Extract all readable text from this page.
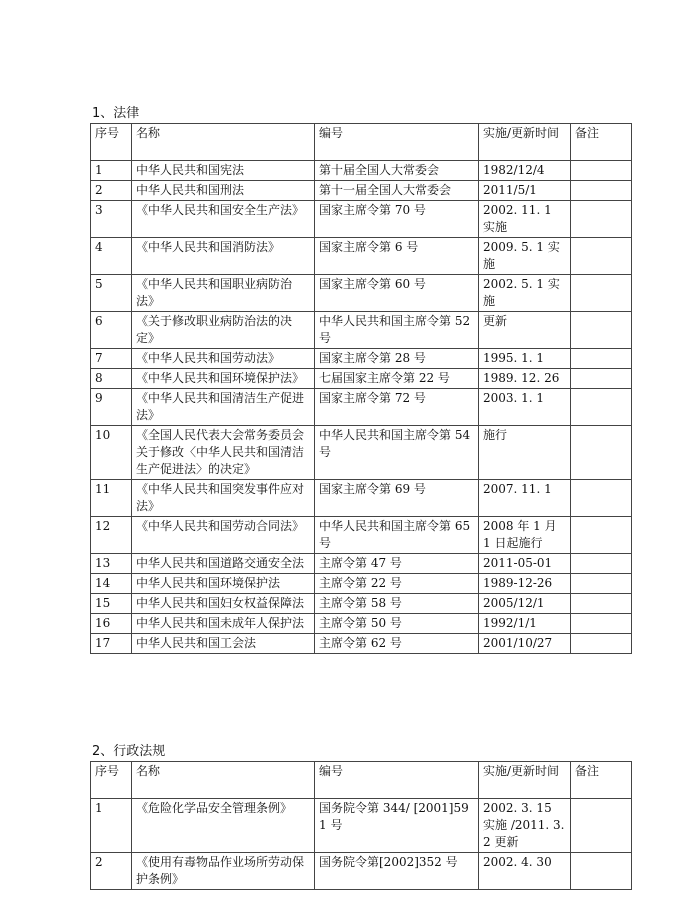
1、法律
序号	名称	编号	实施/更新时间	备注
1	中华人民共和国宪法	第十届全国人大常委会	1982/12/4	
2	中华人民共和国刑法	第十一届全国人大常委会	2011/5/1	
3	《中华人民共和国安全生产法》	国家主席令第 70 号	2002. 11. 1 实施	
4	《中华人民共和国消防法》	国家主席令第 6 号	2009. 5. 1 实施	
5	《中华人民共和国职业病防治法》	国家主席令第 60 号	2002. 5. 1 实施	
6	《关于修改职业病防治法的决定》	中华人民共和国主席令第 52 号	更新	
7	《中华人民共和国劳动法》	国家主席令第 28 号	1995. 1. 1	
8	《中华人民共和国环境保护法》	七届国家主席令第 22 号	1989. 12. 26	
9	《中华人民共和国清洁生产促进法》	国家主席令第 72 号	2003. 1. 1	
10	《全国人民代表大会常务委员会关于修改〈中华人民共和国清洁生产促进法〉的决定》	中华人民共和国主席令第 54 号	施行	
11	《中华人民共和国突发事件应对法》	国家主席令第 69 号	2007. 11. 1	
12	《中华人民共和国劳动合同法》	中华人民共和国主席令第 65 号	2008 年 1 月 1 日起施行	
13	中华人民共和国道路交通安全法	主席令第 47 号	2011-05-01	
14	中华人民共和国环境保护法	主席令第 22 号	1989-12-26	
15	中华人民共和国妇女权益保障法	主席令第 58 号	2005/12/1	
16	中华人民共和国未成年人保护法	主席令第 50 号	1992/1/1	
17	中华人民共和国工会法	主席令第 62 号	2001/10/27	
2、行政法规
序号	名称	编号	实施/更新时间	备注
1	《危险化学品安全管理条例》	国务院令第 344/ [2001]591 号	2002. 3. 15 实施 /2011. 3. 2 更新	
2	《使用有毒物品作业场所劳动保护条例》	国务院令第[2002]352 号	2002. 4. 30	
